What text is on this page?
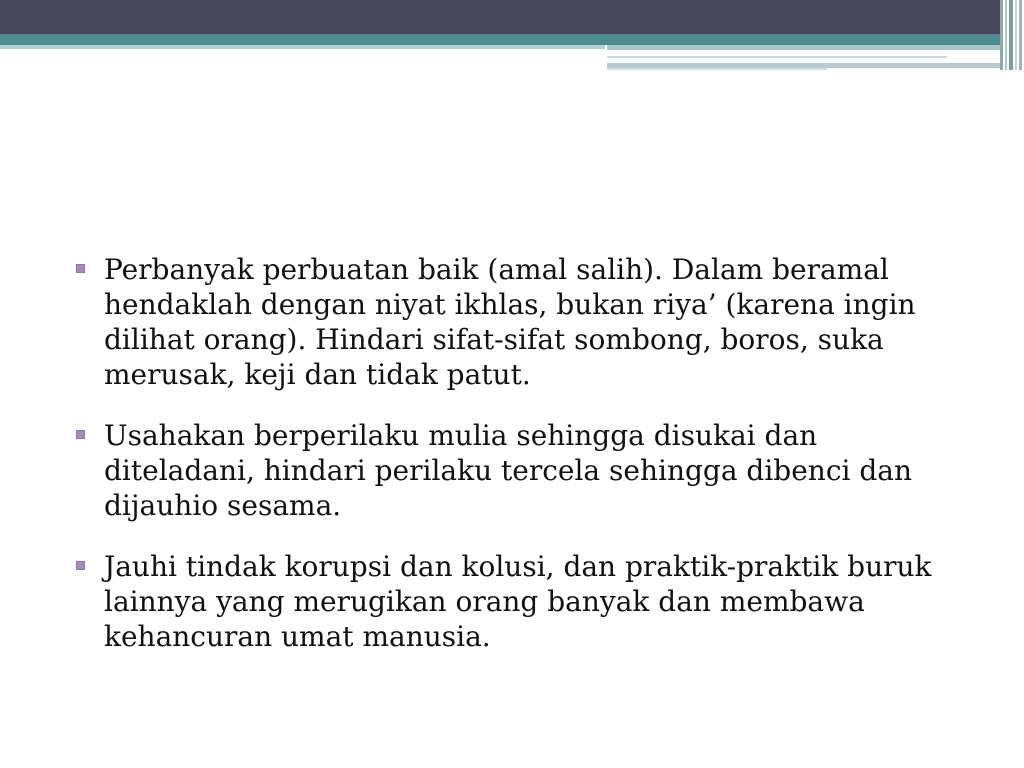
Perbanyak perbuatan baik (amal salih). Dalam beramal hendaklah dengan niyat ikhlas, bukan riya’ (karena ingin dilihat orang). Hindari sifat-sifat sombong, boros, suka merusak, keji dan tidak patut.
Usahakan berperilaku mulia sehingga disukai dan diteladani, hindari perilaku tercela sehingga dibenci dan dijauhio sesama.
Jauhi tindak korupsi dan kolusi, dan praktik-praktik buruk lainnya yang merugikan orang banyak dan membawa kehancuran umat manusia.
